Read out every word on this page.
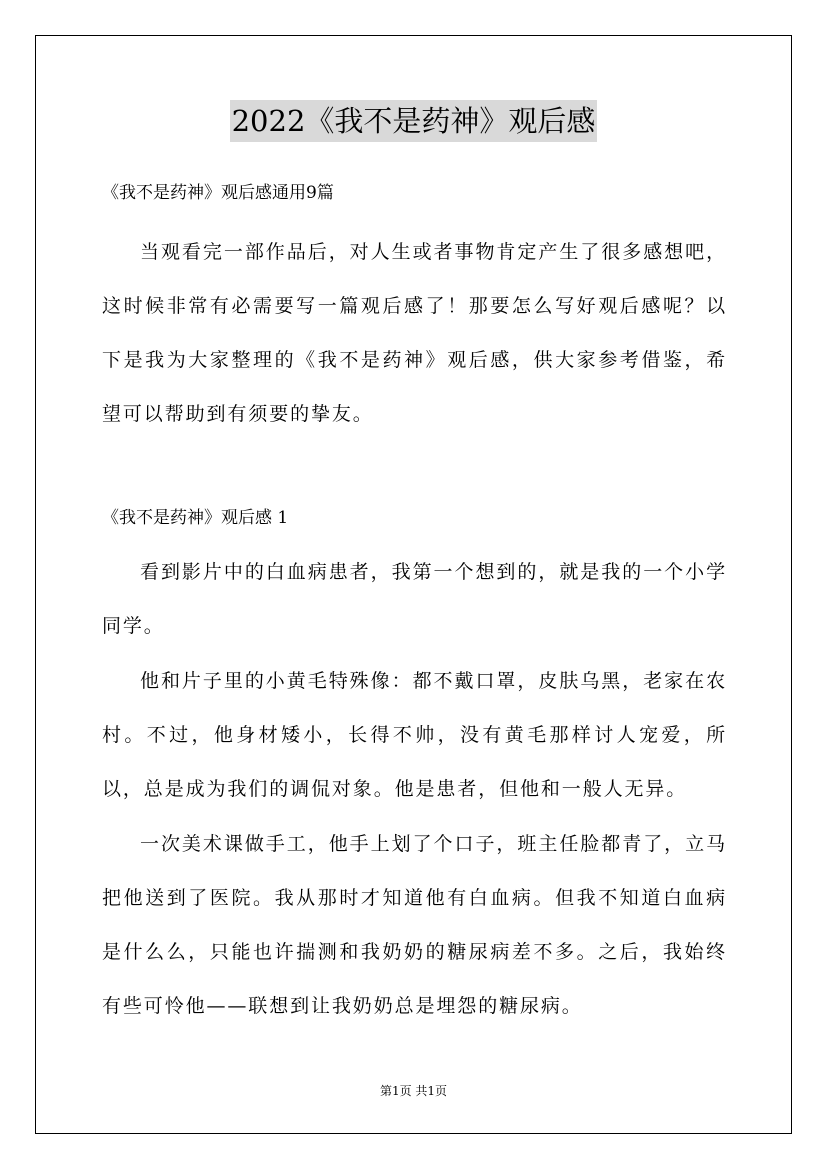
2022《我不是药神》观后感
《我不是药神》观后感通用9篇

当观看完一部作品后，对人生或者事物肯定产生了很多感想吧，这时候非常有必需要写一篇观后感了！那要怎么写好观后感呢？以下是我为大家整理的《我不是药神》观后感，供大家参考借鉴，希望可以帮助到有须要的挚友。

《我不是药神》观后感 1

看到影片中的白血病患者，我第一个想到的，就是我的一个小学同学。

他和片子里的小黄毛特殊像：都不戴口罩，皮肤乌黑，老家在农村。不过，他身材矮小，长得不帅，没有黄毛那样讨人宠爱，所以，总是成为我们的调侃对象。他是患者，但他和一般人无异。

一次美术课做手工，他手上划了个口子，班主任脸都青了，立马把他送到了医院。我从那时才知道他有白血病。但我不知道白血病是什么么，只能也许揣测和我奶奶的糖尿病差不多。之后，我始终有些可怜他——联想到让我奶奶总是埋怨的糖尿病。

第1页 共1页
